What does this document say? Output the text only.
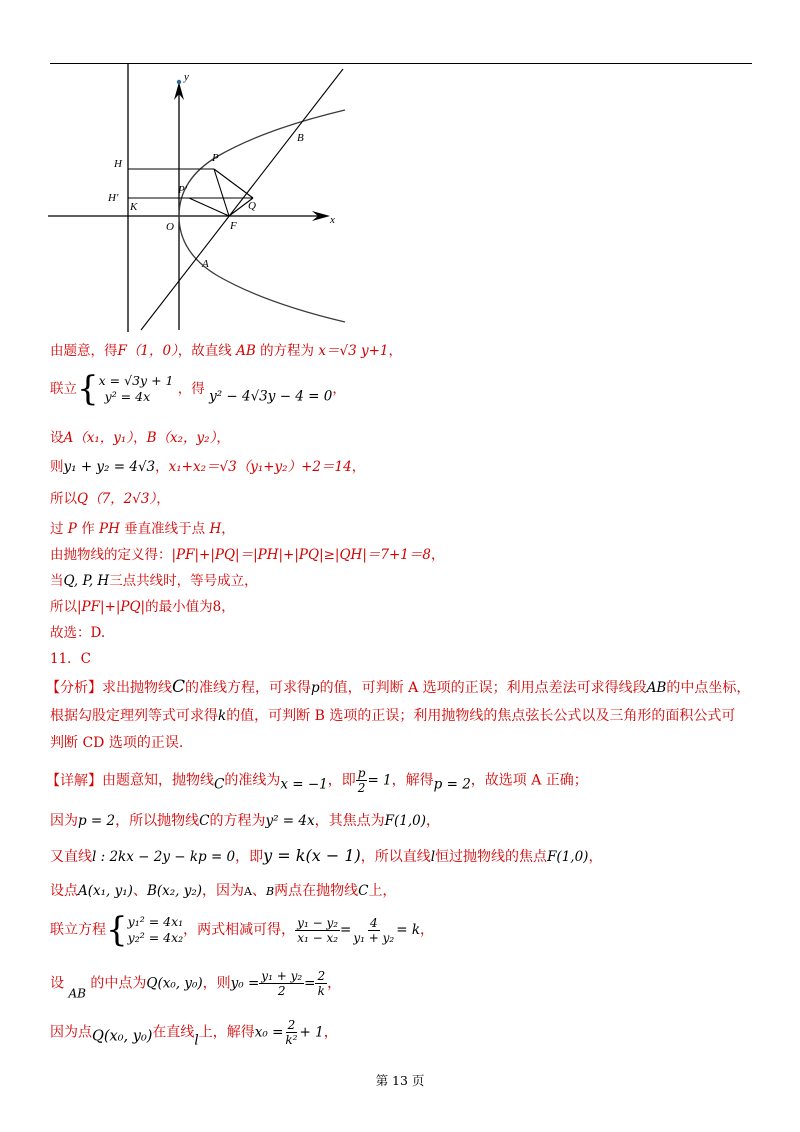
y
x
H
H'
K
O
P
P'
Q
F
B
A
由题意，得F（1，0），故直线 AB 的方程为 x＝√3 y+1，
联立{x = √3y + 1
y² = 4x ，得 y² − 4√3y − 4 = 0，
设A（x₁，y₁），B（x₂，y₂），
则y₁ + y₂ = 4√3，x₁+x₂＝√3（y₁+y₂）+2＝14，
所以Q（7，2√3），
过 P 作 PH 垂直准线于点 H，
由抛物线的定义得：|PF|+|PQ|＝|PH|+|PQ|≥|QH|＝7+1＝8，
当Q, P, H三点共线时，等号成立，
所以|PF|+|PQ|的最小值为8，
故选：D.
11．C
【分析】求出抛物线C的准线方程，可求得p的值，可判断 A 选项的正误；利用点差法可求得线段AB的中点坐标，
根据勾股定理列等式可求得k的值，可判断 B 选项的正误；利用抛物线的焦点弦长公式以及三角形的面积公式可
判断 CD 选项的正误.
【详解】由题意知，抛物线C的准线为x = −1，即 $\frac{p}{2} = 1$，解得p = 2，故选项 A 正确；
因为p = 2，所以抛物线C的方程为y² = 4x，其焦点为F(1,0)，
又直线l : 2kx − 2y − kp = 0，即y = k(x − 1)，所以直线l恒过抛物线的焦点F(1,0)，
设点A(x₁, y₁)、B(x₂, y₂)，因为A、B两点在抛物线C上，
联立方程{y₁² = 4x₁
y₂² = 4x₂，两式相减可得， $\frac{\text{y₁ − y₂}}{\text{x₁ − x₂}} = \frac{4}{\text{y₁ + y₂}} = k$，
设 AB 的中点为Q(x₀, y₀)，则$y_0 = \frac{\text{y₁ + y₂}}{2} = \frac{2}{k}$ ，
因为点Q(x₀, y₀)在直线l上，解得$x_0 = \frac{2}{\text{k²}} + 1$，
第 13 页
